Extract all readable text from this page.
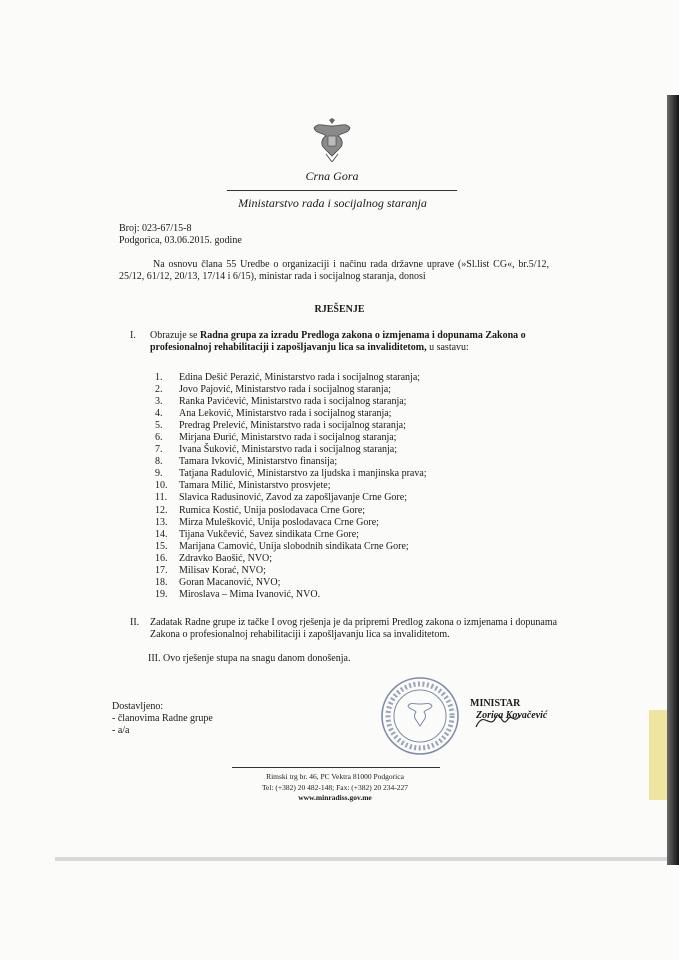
Crna Gora
Ministarstvo rada i socijalnog staranja
Broj: 023-67/15-8
Podgorica, 03.06.2015. godine
Na osnovu člana 55 Uredbe o organizaciji i načinu rada državne uprave (»Sl.list CG«, br.5/12, 25/12, 61/12, 20/13, 17/14 i 6/15), ministar rada i socijalnog staranja, donosi
RJEŠENJE
I. Obrazuje se Radna grupa za izradu Predloga zakona o izmjenama i dopunama Zakona o profesionalnoj rehabilitaciji i zapošljavanju lica sa invaliditetom, u sastavu:
1. Edina Dešić Perazić, Ministarstvo rada i socijalnog staranja;
2. Jovo Pajović, Ministarstvo rada i socijalnog staranja;
3. Ranka Pavićević, Ministarstvo rada i socijalnog staranja;
4. Ana Leković, Ministarstvo rada i socijalnog staranja;
5. Predrag Prelević, Ministarstvo rada i socijalnog staranja;
6. Mirjana Đurić, Ministarstvo rada i socijalnog staranja;
7. Ivana Šuković, Ministarstvo rada i socijalnog staranja;
8. Tamara Ivković, Ministarstvo finansija;
9. Tatjana Radulović, Ministarstvo za ljudska i manjinska prava;
10. Tamara Milić, Ministarstvo prosvjete;
11. Slavica Radusinović, Zavod za zapošljavanje Crne Gore;
12. Rumica Kostić, Unija poslodavaca Crne Gore;
13. Mirza Mulešković, Unija poslodavaca Crne Gore;
14. Tijana Vukčević, Savez sindikata Crne Gore;
15. Marijana Camović, Unija slobodnih sindikata Crne Gore;
16. Zdravko Baošić, NVO;
17. Milisav Korać, NVO;
18. Goran Macanović, NVO;
19. Miroslava – Mima Ivanović, NVO.
II. Zadatak Radne grupe iz tačke I ovog rješenja je da pripremi Predlog zakona o izmjenama i dopunama Zakona o profesionalnoj rehabilitaciji i zapošljavanju lica sa invaliditetom.
III. Ovo rješenje stupa na snagu danom donošenja.
Dostavljeno:
- članovima Radne grupe
- a/a
MINISTAR
Zorica Kovačević
Rimski trg br. 46, PC Vektra 81000 Podgorica
Tel: (+382) 20 482-148; Fax: (+382) 20 234-227
www.minradiss.gov.me
